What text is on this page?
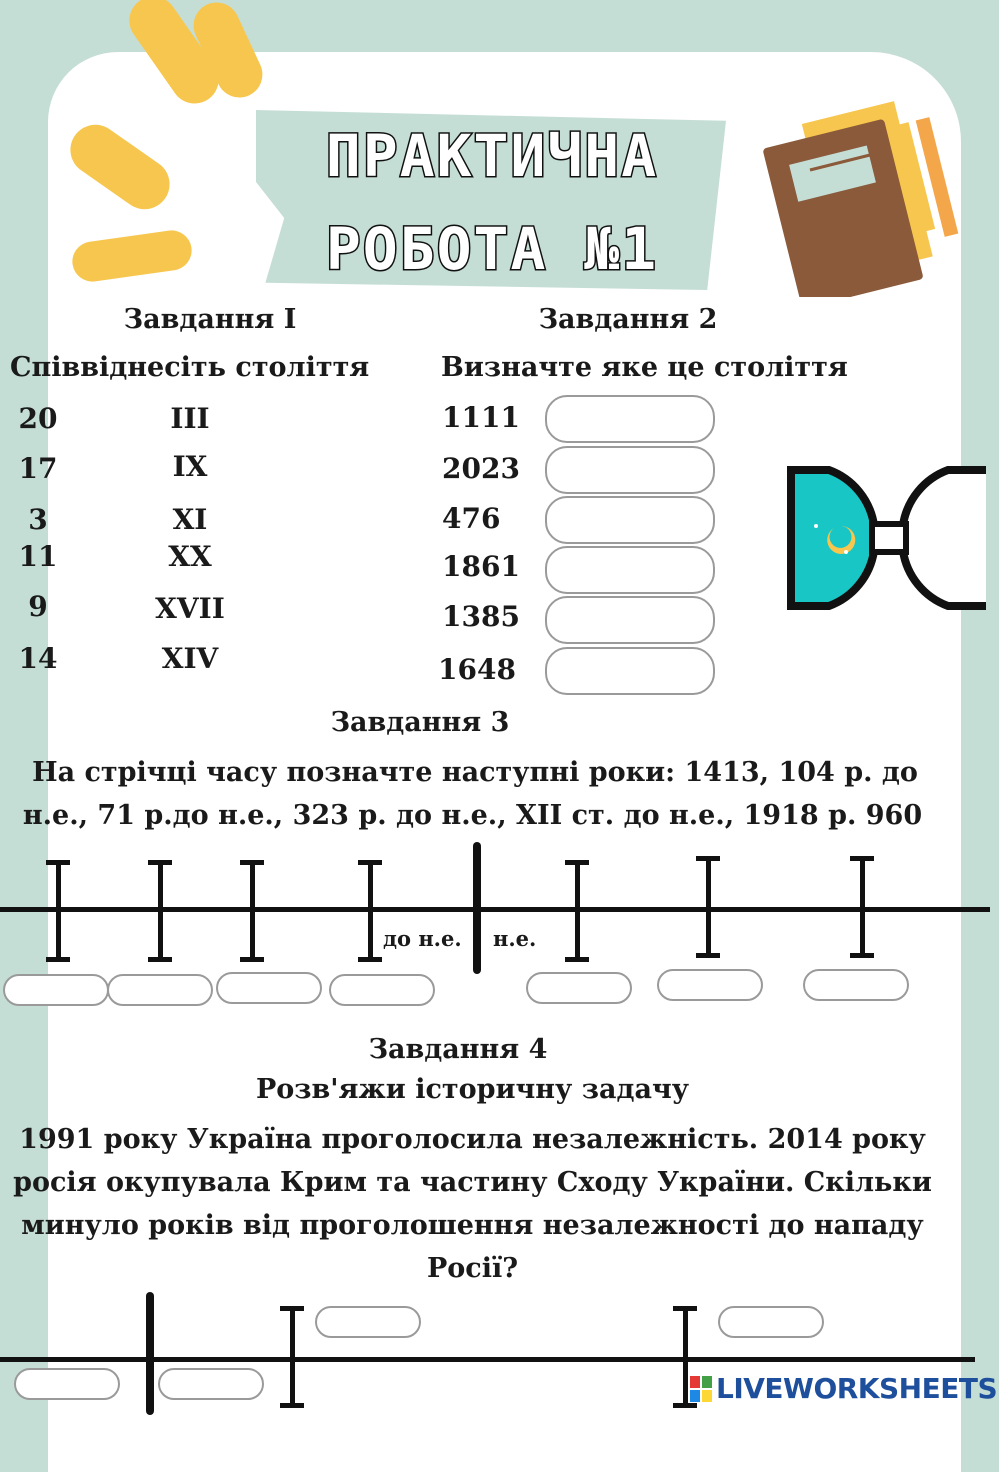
ПРАКТИЧНА
РОБОТА №1
Завдання І
Співвіднесіть століття
20
17
3
11
9
14
ІІІ
ІХ
ХІ
ХХ
ХVІІ
ХІV
Завдання 2
Визначте яке це століття
1111
2023
476
1861
1385
1648
Завдання 3
На стрічці часу позначте наступні роки: 1413, 104 р. до
н.е., 71 р.до н.е., 323 р. до н.е., ХІІ ст. до н.е., 1918 р. 960
до н.е. н.е.
Завдання 4
Розв'яжи історичну задачу
1991 року Україна проголосила незалежність. 2014 року
росія окупувала Крим та частину Сходу України. Скільки
минуло років від проголошення незалежності до нападу
Росії?
LIVEWORKSHEETS
